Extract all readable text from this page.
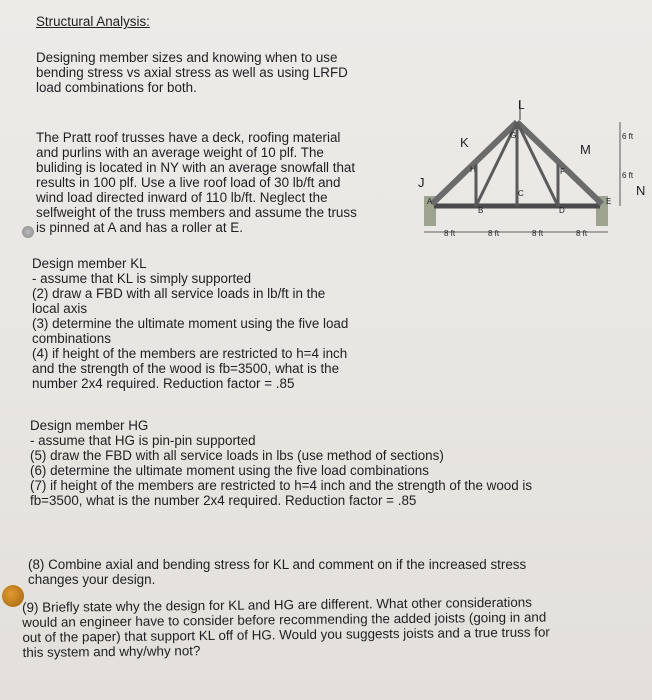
Structural Analysis:
Designing member sizes and knowing when to use
bending stress vs axial stress as well as using LRFD
load combinations for both.
The Pratt roof trusses have a deck, roofing material
and purlins with an average weight of 10 plf. The
buliding is located in NY with an average snowfall that
results in 100 plf. Use a live roof load of 30 lb/ft and
wind load directed inward of 110 lb/ft. Neglect the
selfweight of the truss members and assume the truss
is pinned at A and has a roller at E.
L
K	M
J
N
A
B
C
D
E
F
G
H
6 ft
6 ft
8 ft	8 ft	8 ft	8 ft
Design member KL
- assume that KL is simply supported
(2) draw a FBD with all service loads in lb/ft in the
local axis
(3) determine the ultimate moment using the five load
combinations
(4) if height of the members are restricted to h=4 inch
and the strength of the wood is fb=3500, what is the
number 2x4 required. Reduction factor = .85
Design member HG
- assume that HG is pin-pin supported
(5) draw the FBD with all service loads in lbs (use method of sections)
(6) determine the ultimate moment using the five load combinations
(7) if height of the members are restricted to h=4 inch and the strength of the wood is
fb=3500, what is the number 2x4 required. Reduction factor = .85
(8) Combine axial and bending stress for KL and comment on if the increased stress
changes your design.
(9) Briefly state why the design for KL and HG are different. What other considerations
would an engineer have to consider before recommending the added joists (going in and
out of the paper) that support KL off of HG. Would you suggests joists and a true truss for
this system and why/why not?
